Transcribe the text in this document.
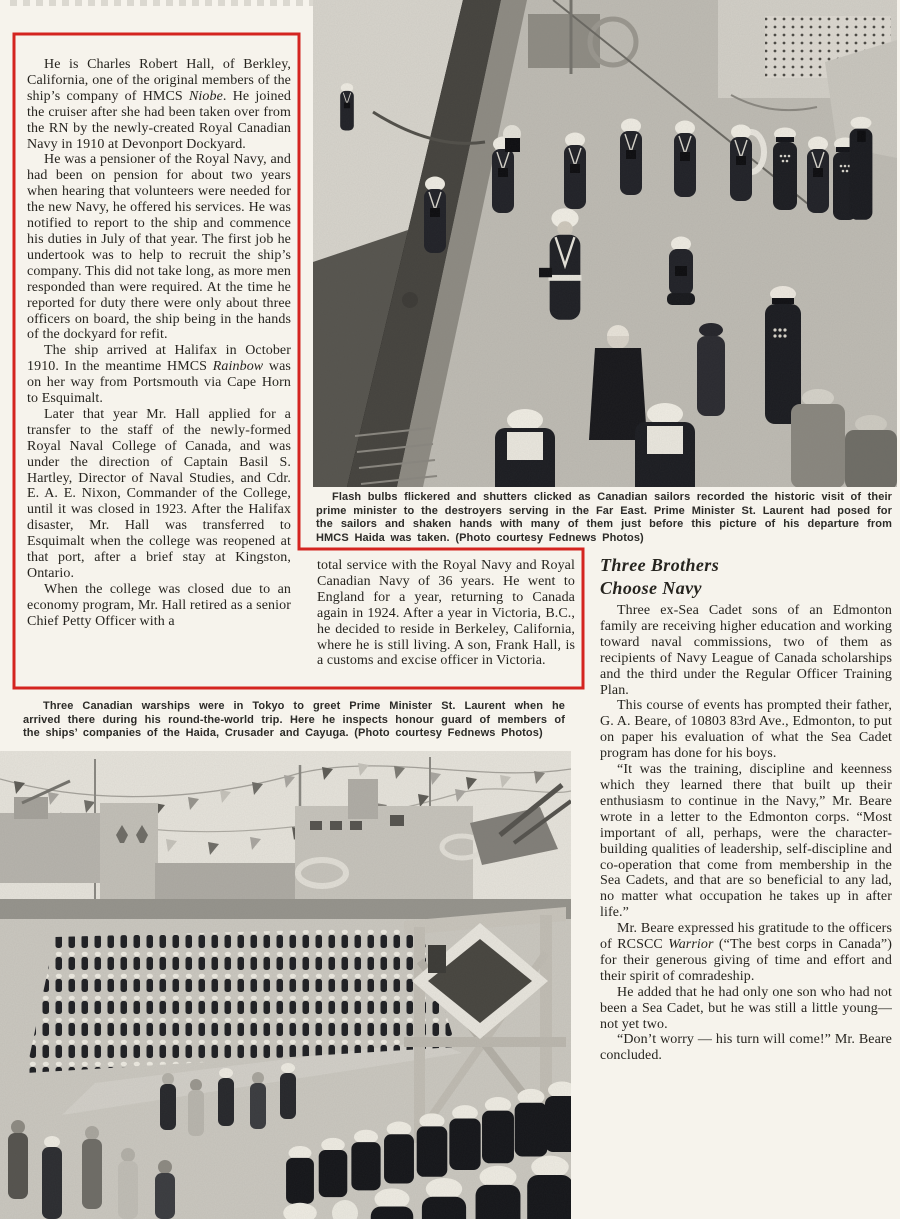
He is Charles Robert Hall, of Berkley, California, one of the original members of the ship’s company of HMCS Niobe. He joined the cruiser after she had been taken over from the RN by the newly-created Royal Canadian Navy in 1910 at Devonport Dockyard.

He was a pensioner of the Royal Navy, and had been on pension for about two years when hearing that volunteers were needed for the new Navy, he offered his services. He was notified to report to the ship and commence his duties in July of that year. The first job he undertook was to help to recruit the ship’s company. This did not take long, as more men responded than were required. At the time he reported for duty there were only about three officers on board, the ship being in the hands of the dockyard for refit.

The ship arrived at Halifax in October 1910. In the meantime HMCS Rainbow was on her way from Portsmouth via Cape Horn to Esquimalt.

Later that year Mr. Hall applied for a transfer to the staff of the newly-formed Royal Naval College of Canada, and was under the direction of Captain Basil S. Hartley, Director of Naval Studies, and Cdr. E. A. E. Nixon, Commander of the College, until it was closed in 1923. After the Halifax disaster, Mr. Hall was transferred to Esquimalt when the college was reopened at that port, after a brief stay at Kingston, Ontario.

When the college was closed due to an economy program, Mr. Hall retired as a senior Chief Petty Officer with a

Flash bulbs flickered and shutters clicked as Canadian sailors recorded the historic visit of their prime minister to the destroyers serving in the Far East. Prime Minister St. Laurent had posed for the sailors and shaken hands with many of them just before this picture of his departure from HMCS Haida was taken. (Photo courtesy Fednews Photos)

total service with the Royal Navy and Royal Canadian Navy of 36 years. He went to England for a year, returning to Canada again in 1924. After a year in Victoria, B.C., he decided to reside in Berkeley, California, where he is still living. A son, Frank Hall, is a customs and excise officer in Victoria.

Three Brothers
Choose Navy

Three ex-Sea Cadet sons of an Edmonton family are receiving higher education and working toward naval commissions, two of them as recipients of Navy League of Canada scholarships and the third under the Regular Officer Training Plan.

This course of events has prompted their father, G. A. Beare, of 10803 83rd Ave., Edmonton, to put on paper his evaluation of what the Sea Cadet program has done for his boys.

“It was the training, discipline and keenness which they learned there that built up their enthusiasm to continue in the Navy,” Mr. Beare wrote in a letter to the Edmonton corps. “Most important of all, perhaps, were the character-building qualities of leadership, self-discipline and co-operation that come from membership in the Sea Cadets, and that are so beneficial to any lad, no matter what occupation he takes up in after life.”

Mr. Beare expressed his gratitude to the officers of RCSCC Warrior (“The best corps in Canada”) for their generous giving of time and effort and their spirit of comradeship.

He added that he had only one son who had not been a Sea Cadet, but he was still a little young—not yet two.

“Don’t worry — his turn will come!” Mr. Beare concluded.

Three Canadian warships were in Tokyo to greet Prime Minister St. Laurent when he arrived there during his round-the-world trip. Here he inspects honour guard of members of the ships’ companies of the Haida, Crusader and Cayuga. (Photo courtesy Fednews Photos)
